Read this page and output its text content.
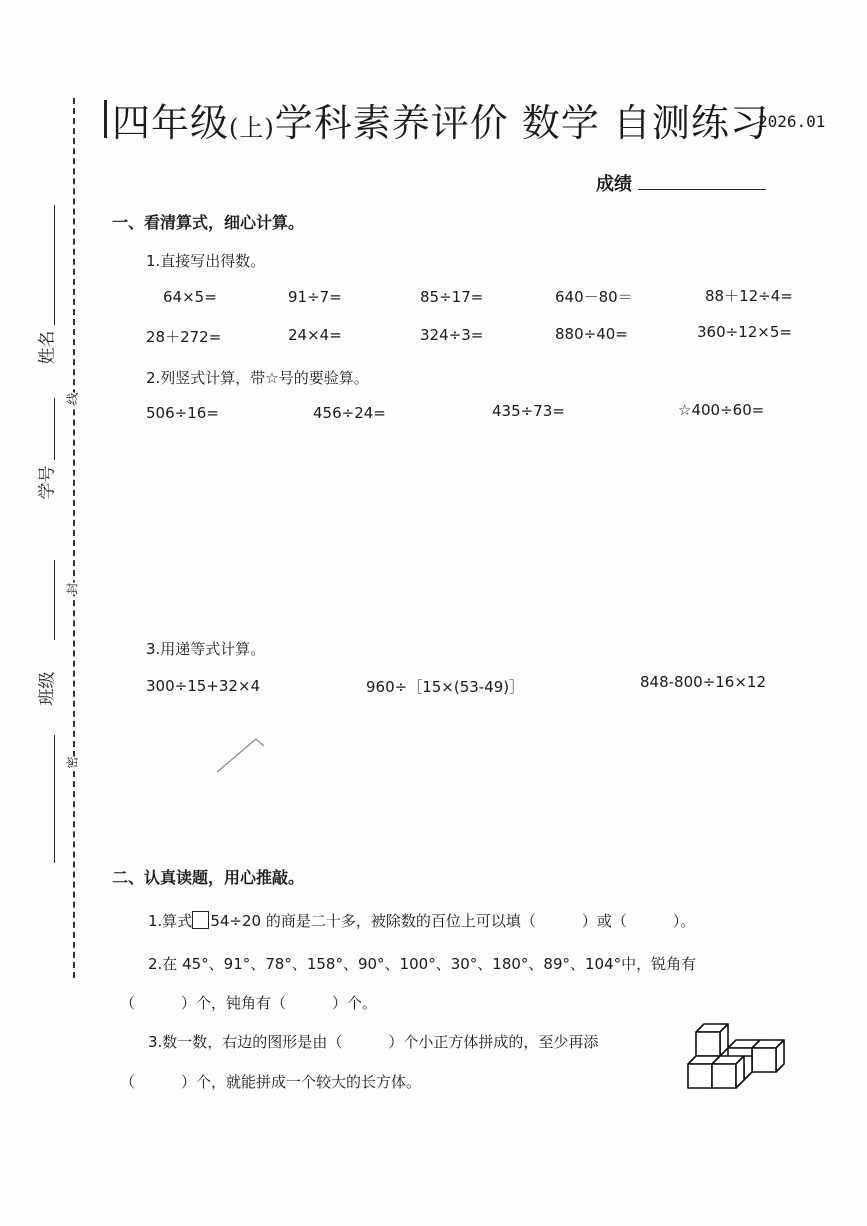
姓名
学号
班级
线
封
密
四年级(上)学科素养评价 数学 自测练习
2026.01
成绩
一、看清算式，细心计算。
1.直接写出得数。
64×5=	91÷7=	85÷17=	640－80＝	88＋12÷4=
28＋272=	24×4=	324÷3=	880÷40=	360÷12×5=
2.列竖式计算，带☆号的要验算。
506÷16=	456÷24=	435÷73=	☆400÷60=
3.用递等式计算。
300÷15+32×4	960÷［15×(53-49)］	848-800÷16×12
二、认真读题，用心推敲。
1.算式 54÷20 的商是二十多，被除数的百位上可以填（	）或（	）。
2.在 45°、91°、78°、158°、90°、100°、30°、180°、89°、104°中，锐角有
（	）个，钝角有（	）个。
3.数一数，右边的图形是由（	）个小正方体拼成的，至少再添
（	）个，就能拼成一个较大的长方体。
